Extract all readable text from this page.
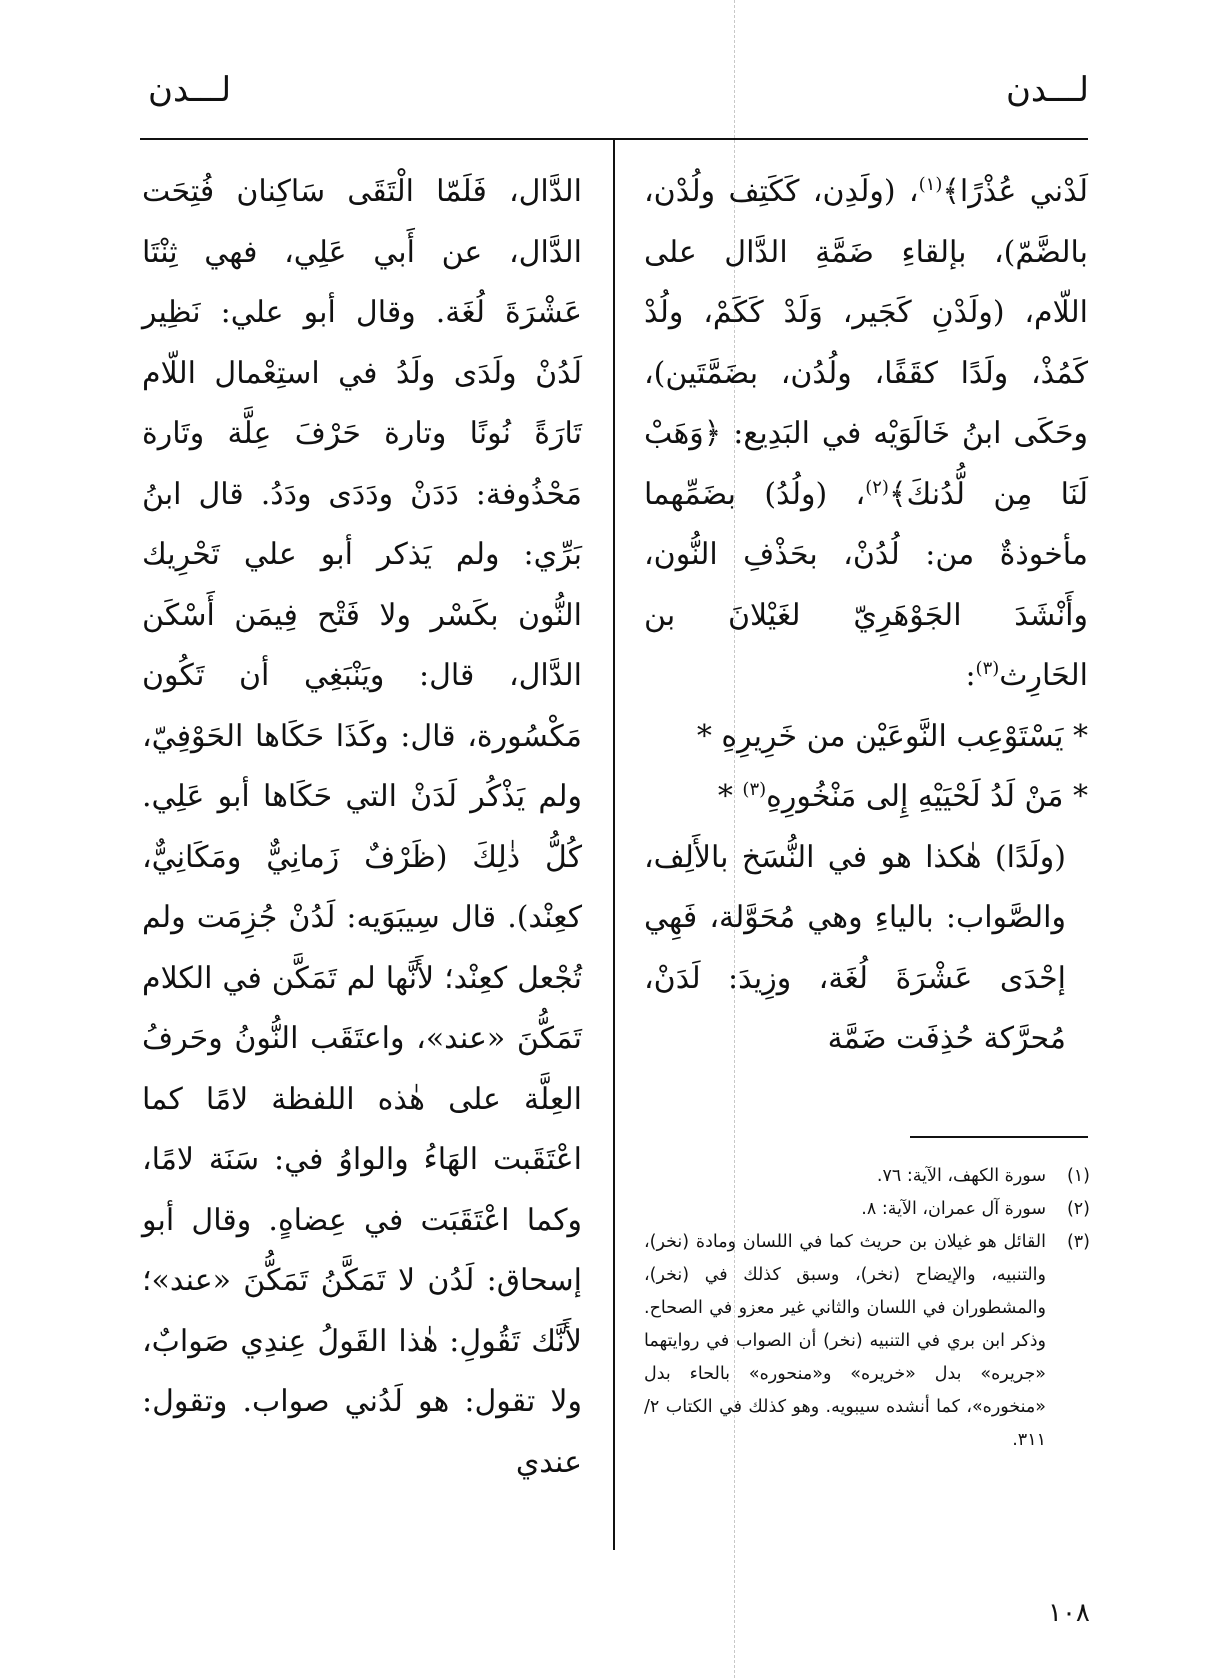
لـــدن
لـــدن

لَدْني عُذْرًا﴾$^{(١)}$، (ولَدِن، كَكَتِف ولُدْن، بالضَّمّ)، بإلقاءِ ضَمَّةِ الدَّال على اللّام، (ولَدْنِ كَجَير، وَلَدْ كَكَمْ، ولُدْ كَمُذْ، ولَدًا كقَفًا، ولُدُن، بضَمَّتَين)، وحَكَى ابنُ خَالَوَيْه في البَدِيع: ﴿وَهَبْ لَنَا مِن لُّدُنكَ﴾$^{(٢)}$، (ولُدُ) بضَمِّهما مأخوذةٌ من: لُدُنْ، بحَذْفِ النُّون، وأَنْشَدَ الجَوْهَرِيّ لغَيْلانَ بن الحَارِث$^{(٣)}$:

* يَسْتَوْعِب النَّوعَيْن من خَرِيرِهِ *

* مَنْ لَدُ لَحْيَيْهِ إِلى مَنْخُورِهِ$^{(٣)}$ *

(ولَدًا) هٰكذا هو في النُّسَخ بالأَلِف، والصَّواب: بالياءِ وهي مُحَوَّلة، فَهِي إحْدَى عَشْرَةَ لُغَة، وزِيدَ: لَدَنْ، مُحرَّكة حُذِفَت ضَمَّة

الدَّال، فَلَمّا الْتَقَى سَاكِنان فُتِحَت الدَّال، عن أَبي عَلِي، فهي ثِنْتَا عَشْرَةَ لُغَة. وقال أبو علي: نَظِير لَدُنْ ولَدَى ولَدُ في استِعْمال اللّام تَارَةً نُونًا وتارة حَرْفَ عِلَّة وتَارة مَحْذُوفة: دَدَنْ ودَدَى ودَدُ. قال ابنُ بَرِّي: ولم يَذكر أبو علي تَحْرِيك النُّون بكَسْر ولا فَتْح فِيمَن أَسْكَن الدَّال، قال: ويَنْبَغِي أن تَكُون مَكْسُورة، قال: وكَذَا حَكَاها الحَوْفِيّ، ولم يَذْكُر لَدَنْ التي حَكَاها أبو عَلِي. كُلُّ ذٰلِكَ (ظَرْفٌ زَمانِيٌّ ومَكَانِيٌّ، كعِنْد). قال سِيبَوَيه: لَدُنْ جُزِمَت ولم تُجْعل كعِنْد؛ لأَنَّها لم تَمَكَّن في الكلام تَمَكُّنَ «عند»، واعتَقَب النُّونُ وحَرفُ العِلَّة على هٰذه اللفظة لامًا كما اعْتَقَبت الهَاءُ والواوُ في: سَنَة لامًا، وكما اعْتَقَبَت في عِضاهٍ. وقال أبو إسحاق: لَدُن لا تَمَكَّنُ تَمَكُّنَ «عند»؛ لأَنَّك تَقُولِ: هٰذا القَولُ عِندِي صَوابٌ، ولا تقول: هو لَدُني صواب. وتقول: عندي

(١)
سورة الكهف، الآية: ٧٦.
(٢)
سورة آل عمران، الآية: ٨.
(٣)
القائل هو غيلان بن حريث كما في اللسان ومادة (نخر)، والتنبيه، والإيضاح (نخر)، وسبق كذلك في (نخر)، والمشطوران في اللسان والثاني غير معزو في الصحاح. وذكر ابن بري في التنبيه (نخر) أن الصواب في روايتهما «جريره» بدل «خريره» و«منحوره» بالحاء بدل «منخوره»، كما أنشده سيبويه. وهو كذلك في الكتاب ٢/ ٣١١.
١٠٨
